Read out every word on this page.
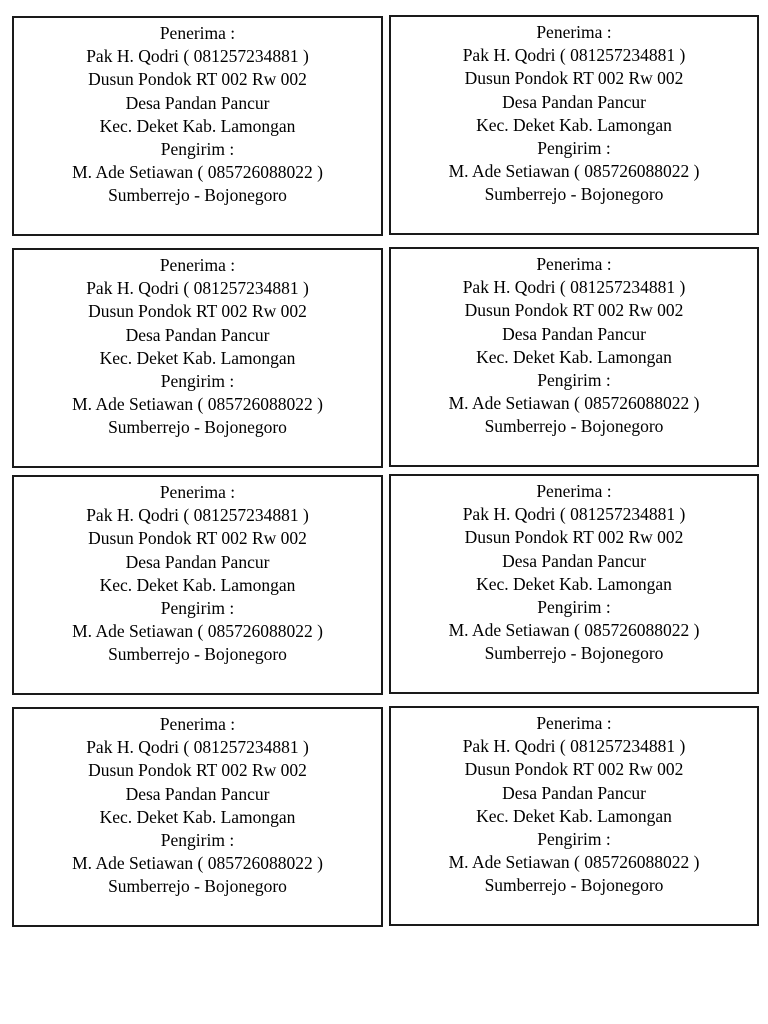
Penerima :
Pak H. Qodri ( 081257234881 )
Dusun Pondok RT 002 Rw 002
Desa Pandan Pancur
Kec. Deket Kab. Lamongan
Pengirim :
M. Ade Setiawan ( 085726088022 )
Sumberrejo - Bojonegoro
Penerima :
Pak H. Qodri ( 081257234881 )
Dusun Pondok RT 002 Rw 002
Desa Pandan Pancur
Kec. Deket Kab. Lamongan
Pengirim :
M. Ade Setiawan ( 085726088022 )
Sumberrejo - Bojonegoro
Penerima :
Pak H. Qodri ( 081257234881 )
Dusun Pondok RT 002 Rw 002
Desa Pandan Pancur
Kec. Deket Kab. Lamongan
Pengirim :
M. Ade Setiawan ( 085726088022 )
Sumberrejo - Bojonegoro
Penerima :
Pak H. Qodri ( 081257234881 )
Dusun Pondok RT 002 Rw 002
Desa Pandan Pancur
Kec. Deket Kab. Lamongan
Pengirim :
M. Ade Setiawan ( 085726088022 )
Sumberrejo - Bojonegoro
Penerima :
Pak H. Qodri ( 081257234881 )
Dusun Pondok RT 002 Rw 002
Desa Pandan Pancur
Kec. Deket Kab. Lamongan
Pengirim :
M. Ade Setiawan ( 085726088022 )
Sumberrejo - Bojonegoro
Penerima :
Pak H. Qodri ( 081257234881 )
Dusun Pondok RT 002 Rw 002
Desa Pandan Pancur
Kec. Deket Kab. Lamongan
Pengirim :
M. Ade Setiawan ( 085726088022 )
Sumberrejo - Bojonegoro
Penerima :
Pak H. Qodri ( 081257234881 )
Dusun Pondok RT 002 Rw 002
Desa Pandan Pancur
Kec. Deket Kab. Lamongan
Pengirim :
M. Ade Setiawan ( 085726088022 )
Sumberrejo - Bojonegoro
Penerima :
Pak H. Qodri ( 081257234881 )
Dusun Pondok RT 002 Rw 002
Desa Pandan Pancur
Kec. Deket Kab. Lamongan
Pengirim :
M. Ade Setiawan ( 085726088022 )
Sumberrejo - Bojonegoro
